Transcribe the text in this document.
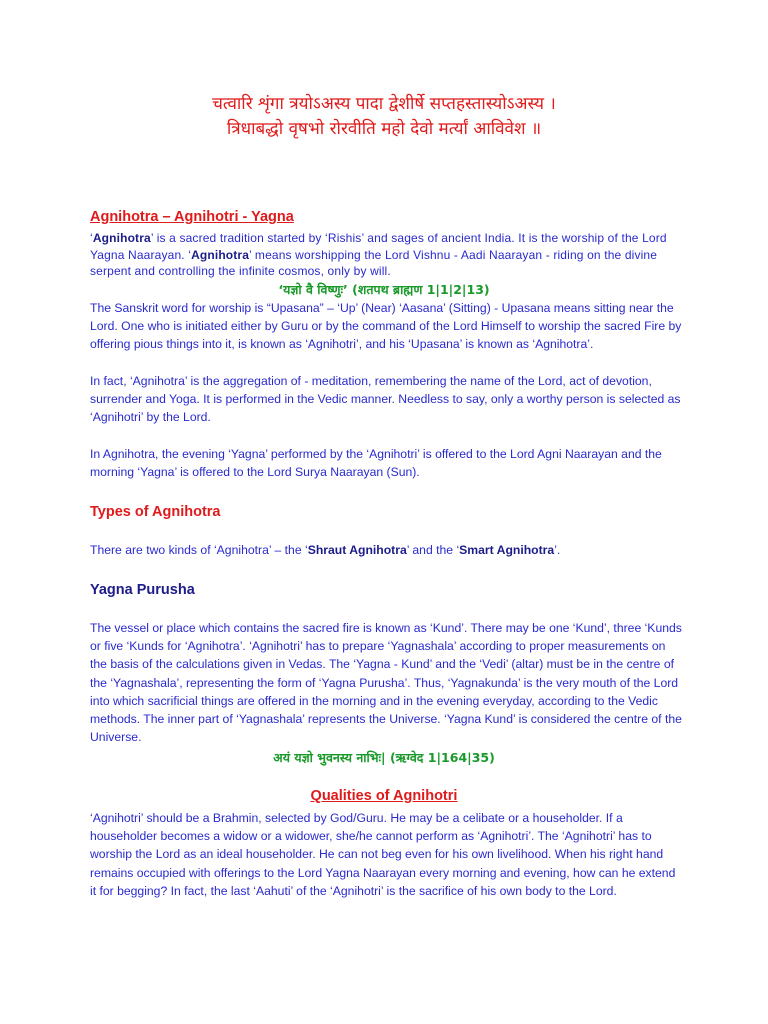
चत्वारि शृंगा त्रयोऽअस्य पादा द्वेशीर्षे सप्तहस्तास्योऽअस्य ।
त्रिधाबद्धो वृषभो रोरवीति महो देवो मर्त्यां आविवेश ॥
Agnihotra – Agnihotri - Yagna

‘Agnihotra’ is a sacred tradition started by ‘Rishis’ and sages of ancient India. It is the worship of the Lord Yagna Naarayan. ‘Agnihotra’ means worshipping the Lord Vishnu - Aadi Naarayan - riding on the divine serpent and controlling the infinite cosmos, only by will.

‘यज्ञो वै विष्णुः’ (शतपथ ब्राह्मण 1|1|2|13)

The Sanskrit word for worship is “Upasana” – ‘Up’ (Near) ‘Aasana’ (Sitting) - Upasana means sitting near the Lord. One who is initiated either by Guru or by the command of the Lord Himself to worship the sacred Fire by offering pious things into it, is known as ‘Agnihotri’, and his ‘Upasana’ is known as ‘Agnihotra’.

In fact, ‘Agnihotra’ is the aggregation of - meditation, remembering the name of the Lord, act of devotion, surrender and Yoga. It is performed in the Vedic manner. Needless to say, only a worthy person is selected as ‘Agnihotri’ by the Lord.

In Agnihotra, the evening ‘Yagna’ performed by the ‘Agnihotri’ is offered to the Lord Agni Naarayan and the morning ‘Yagna’ is offered to the Lord Surya Naarayan (Sun).

Types of Agnihotra

There are two kinds of ‘Agnihotra’ – the ‘Shraut Agnihotra’ and the ‘Smart Agnihotra’.

Yagna Purusha

The vessel or place which contains the sacred fire is known as ‘Kund’. There may be one ‘Kund’, three ‘Kunds or five ‘Kunds for ‘Agnihotra’. ‘Agnihotri’ has to prepare ‘Yagnashala’ according to proper measurements on the basis of the calculations given in Vedas. The ‘Yagna - Kund’ and the ‘Vedi’ (altar) must be in the centre of the ‘Yagnashala’, representing the form of ‘Yagna Purusha’. Thus, ‘Yagnakunda’ is the very mouth of the Lord into which sacrificial things are offered in the morning and in the evening everyday, according to the Vedic methods. The inner part of ‘Yagnashala’ represents the Universe. ‘Yagna Kund’ is considered the centre of the Universe.

अयं यज्ञो भुवनस्य नाभिः| (ऋग्वेद 1|164|35)
Qualities of Agnihotri

‘Agnihotri’ should be a Brahmin, selected by God/Guru. He may be a celibate or a householder. If a householder becomes a widow or a widower, she/he cannot perform as ‘Agnihotri’. The ‘Agnihotri’ has to worship the Lord as an ideal householder. He can not beg even for his own livelihood. When his right hand remains occupied with offerings to the Lord Yagna Naarayan every morning and evening, how can he extend it for begging? In fact, the last ‘Aahuti’ of the ‘Agnihotri’ is the sacrifice of his own body to the Lord.
